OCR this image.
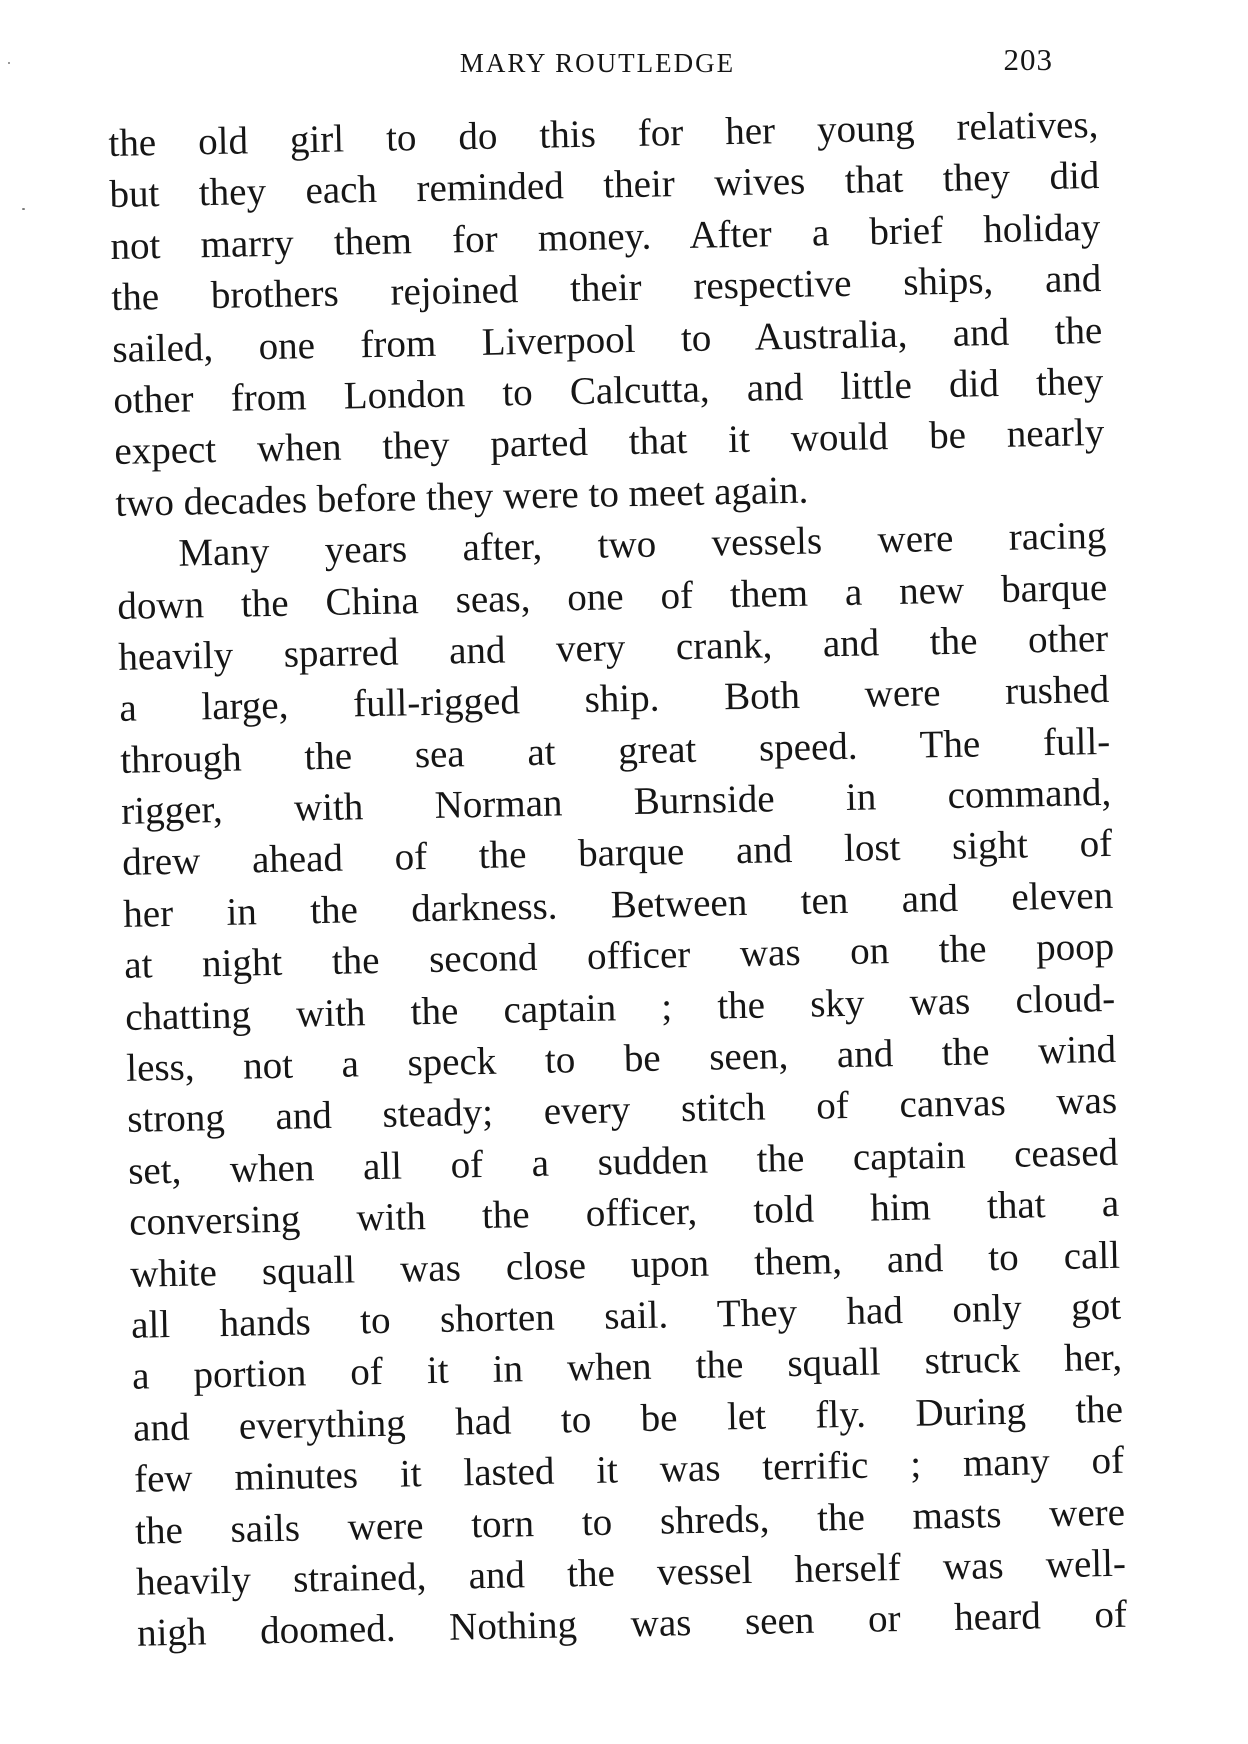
MARY ROUTLEDGE	203
the old girl to do this for her young relatives,
but they each reminded their wives that they did
not marry them for money. After a brief holiday
the brothers rejoined their respective ships, and
sailed, one from Liverpool to Australia, and the
other from London to Calcutta, and little did they
expect when they parted that it would be nearly
two decades before they were to meet again.
Many years after, two vessels were racing
down the China seas, one of them a new barque
heavily sparred and very crank, and the other
a large, full-rigged ship. Both were rushed
through the sea at great speed. The full-
rigger, with Norman Burnside in command,
drew ahead of the barque and lost sight of
her in the darkness. Between ten and eleven
at night the second officer was on the poop
chatting with the captain ; the sky was cloud-
less, not a speck to be seen, and the wind
strong and steady; every stitch of canvas was
set, when all of a sudden the captain ceased
conversing with the officer, told him that a
white squall was close upon them, and to call
all hands to shorten sail. They had only got
a portion of it in when the squall struck her,
and everything had to be let fly. During the
few minutes it lasted it was terrific ; many of
the sails were torn to shreds, the masts were
heavily strained, and the vessel herself was well-
nigh doomed. Nothing was seen or heard of
